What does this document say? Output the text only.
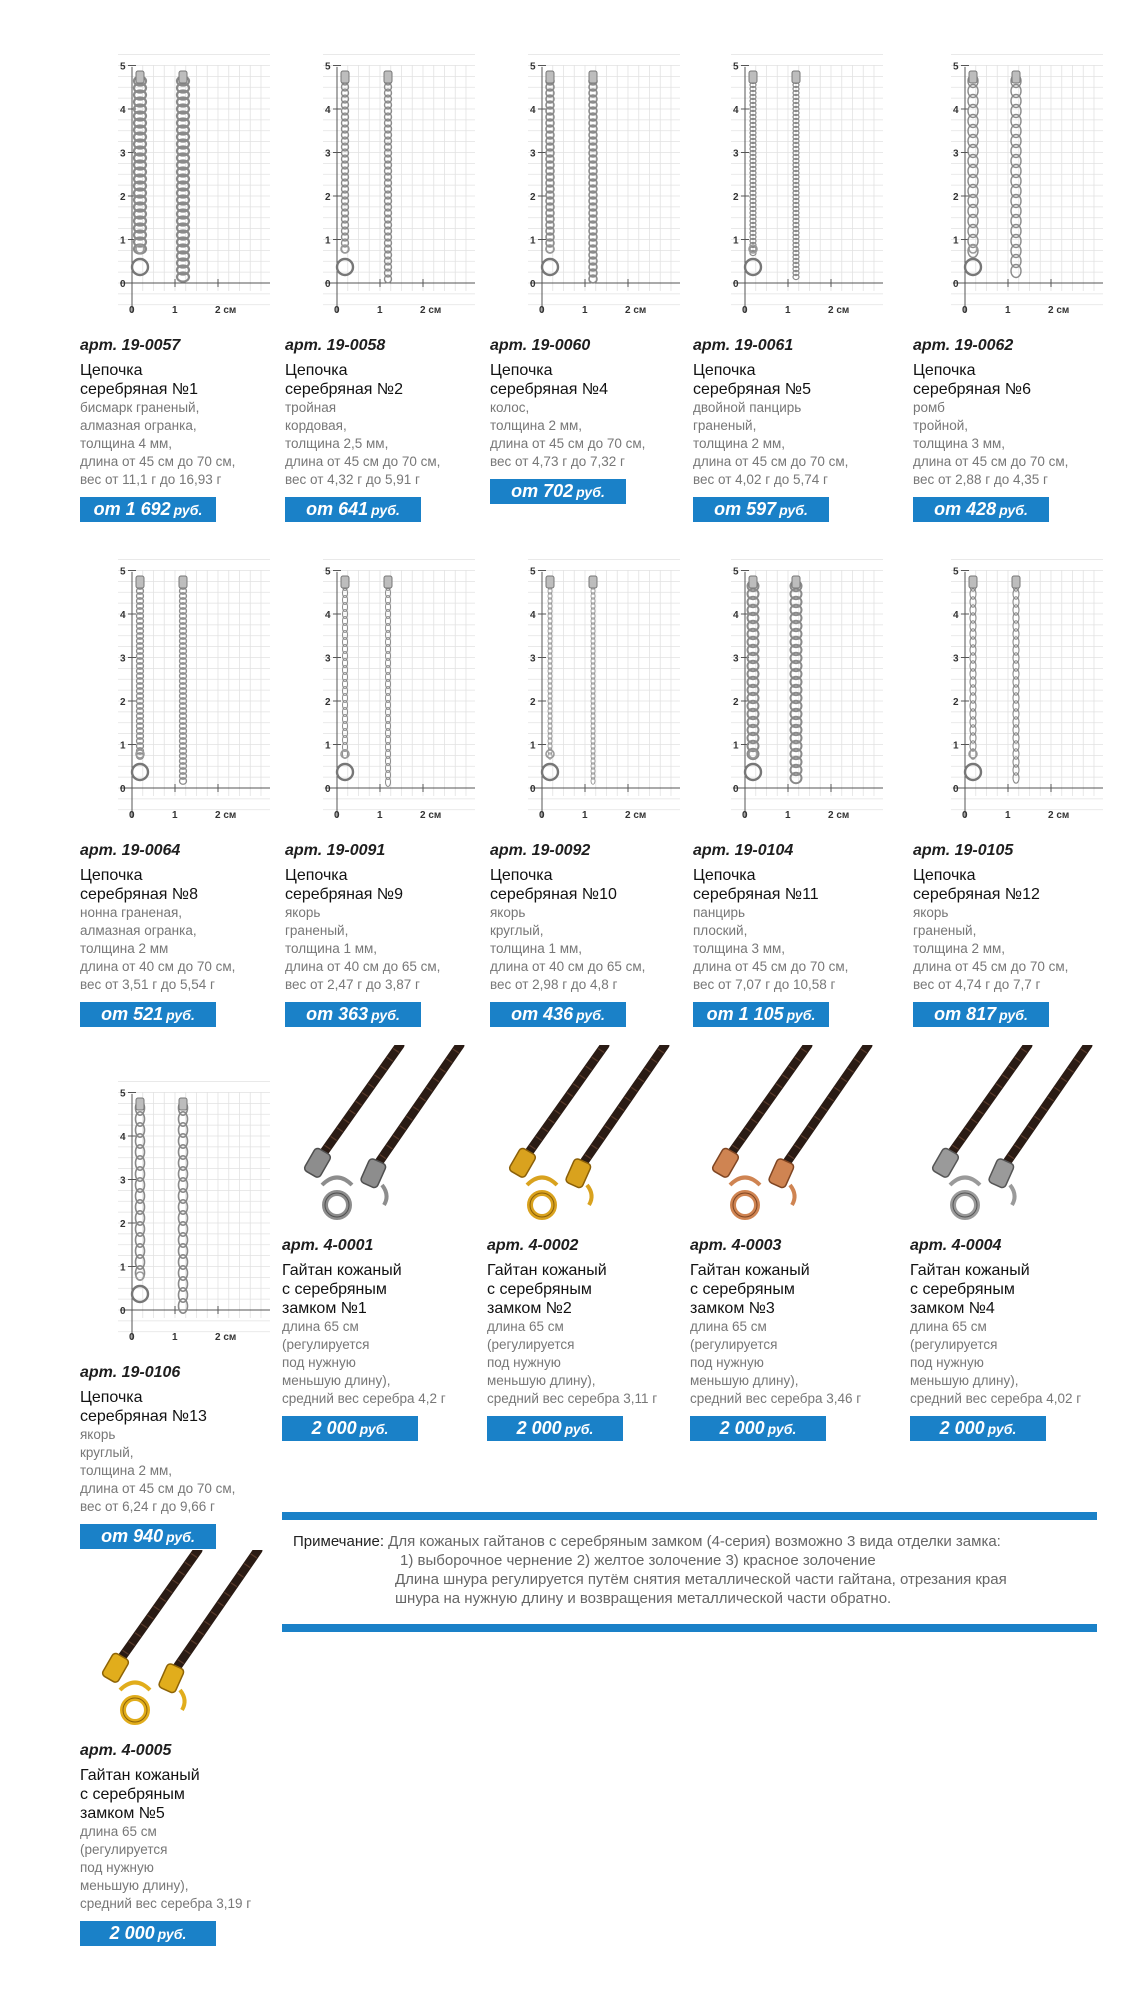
0
1
2
3
4
5
0	1	2 см
арт. 19-0057
Цепочка
серебряная №1
бисмарк граненый,
алмазная огранка,
толщина 4 мм,
длина от 45 см до 70 см,
вес от 11,1 г до 16,93 г
от 1 692 руб.
0
1
2
3
4
5
0	1	2 см
арт. 19-0058
Цепочка
серебряная №2
тройная
кордовая,
толщина 2,5 мм,
длина от 45 см до 70 см,
вес от 4,32 г до 5,91 г
от 641 руб.
0
1
2
3
4
5
0	1	2 см
арт. 19-0060
Цепочка
серебряная №4
колос,
толщина 2 мм,
длина от 45 см до 70 см,
вес от 4,73 г до 7,32 г
от 702 руб.
0
1
2
3
4
5
0	1	2 см
арт. 19-0061
Цепочка
серебряная №5
двойной панцирь
граненый,
толщина 2 мм,
длина от 45 см до 70 см,
вес от 4,02 г до 5,74 г
от 597 руб.
0
1
2
3
4
5
0	1	2 см
арт. 19-0062
Цепочка
серебряная №6
ромб
тройной,
толщина 3 мм,
длина от 45 см до 70 см,
вес от 2,88 г до 4,35 г
от 428 руб.
0
1
2
3
4
5
0	1	2 см
арт. 19-0064
Цепочка
серебряная №8
нонна граненая,
алмазная огранка,
толщина 2 мм
длина от 40 см до 70 см,
вес от 3,51 г до 5,54 г
от 521 руб.
0
1
2
3
4
5
0	1	2 см
арт. 19-0091
Цепочка
серебряная №9
якорь
граненый,
толщина 1 мм,
длина от 40 см до 65 см,
вес от 2,47 г до 3,87 г
от 363 руб.
0
1
2
3
4
5
0	1	2 см
арт. 19-0092
Цепочка
серебряная №10
якорь
круглый,
толщина 1 мм,
длина от 40 см до 65 см,
вес от 2,98 г до 4,8 г
от 436 руб.
0
1
2
3
4
5
0	1	2 см
арт. 19-0104
Цепочка
серебряная №11
панцирь
плоский,
толщина 3 мм,
длина от 45 см до 70 см,
вес от 7,07 г до 10,58 г
от 1 105 руб.
0
1
2
3
4
5
0	1	2 см
арт. 19-0105
Цепочка
серебряная №12
якорь
граненый,
толщина 2 мм,
длина от 45 см до 70 см,
вес от 4,74 г до 7,7 г
от 817 руб.
0
1
2
3
4
5
0	1	2 см
арт. 19-0106
Цепочка
серебряная №13
якорь
круглый,
толщина 2 мм,
длина от 45 см до 70 см,
вес от 6,24 г до 9,66 г
от 940 руб.
арт. 4-0001
Гайтан кожаный
с серебряным
замком №1
длина 65 см
(регулируется
под нужную
меньшую длину),
средний вес серебра 4,2 г
2 000 руб.
арт. 4-0002
Гайтан кожаный
с серебряным
замком №2
длина 65 см
(регулируется
под нужную
меньшую длину),
средний вес серебра 3,11 г
2 000 руб.
арт. 4-0003
Гайтан кожаный
с серебряным
замком №3
длина 65 см
(регулируется
под нужную
меньшую длину),
средний вес серебра 3,46 г
2 000 руб.
арт. 4-0004
Гайтан кожаный
с серебряным
замком №4
длина 65 см
(регулируется
под нужную
меньшую длину),
средний вес серебра 4,02 г
2 000 руб.
арт. 4-0005
Гайтан кожаный
с серебряным
замком №5
длина 65 см
(регулируется
под нужную
меньшую длину),
средний вес серебра 3,19 г
2 000 руб.
Примечание: Для кожаных гайтанов с серебряным замком (4-серия) возможно 3 вида отделки замка:
1) выборочное чернение 2) желтое золочение 3) красное золочение
Длина шнура регулируется путём снятия металлической части гайтана, отрезания края
шнура на нужную длину и возвращения металлической части обратно.
